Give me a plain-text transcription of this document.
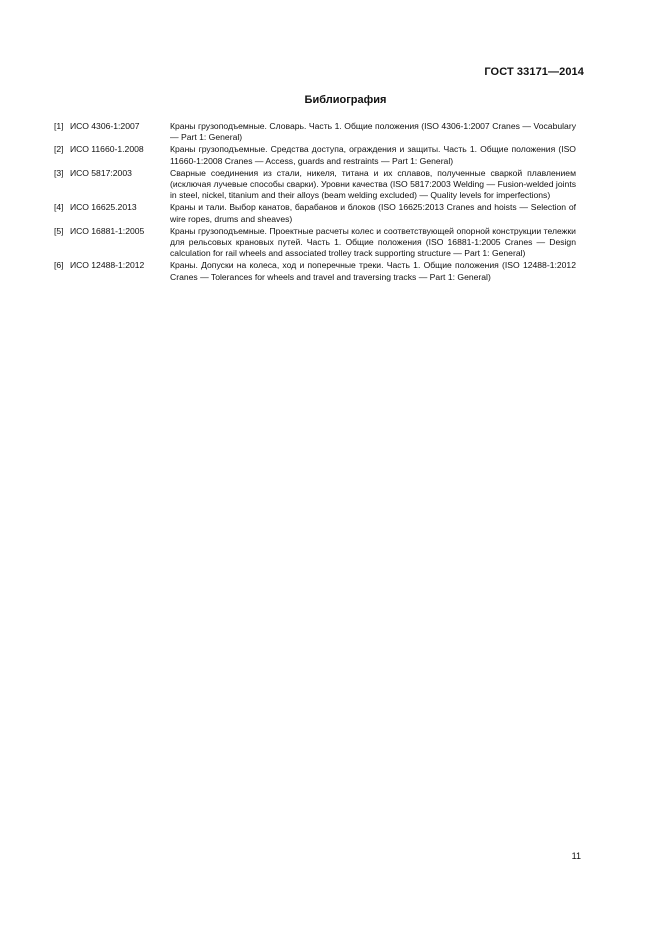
ГОСТ 33171—2014
Библиография
[1] ИСО 4306-1:2007	Краны грузоподъемные. Словарь. Часть 1. Общие положения (ISO 4306-1:2007 Cranes — Vocabulary — Part 1: General)
[2] ИСО 11660-1.2008	Краны грузоподъемные. Средства доступа, ограждения и защиты. Часть 1. Общие положения (ISO 11660-1:2008 Cranes — Access, guards and restraints — Part 1: General)
[3] ИСО 5817:2003	Сварные соединения из стали, никеля, титана и их сплавов, полученные сваркой плавлением (исключая лучевые способы сварки). Уровни качества (ISO 5817:2003 Welding — Fusion-welded joints in steel, nickel, titanium and their alloys (beam welding excluded) — Quality levels for imperfections)
[4] ИСО 16625.2013	Краны и тали. Выбор канатов, барабанов и блоков (ISO 16625:2013 Cranes and hoists — Selection of wire ropes, drums and sheaves)
[5] ИСО 16881-1:2005	Краны грузоподъемные. Проектные расчеты колес и соответствующей опорной конструкции тележки для рельсовых крановых путей. Часть 1. Общие положения (ISO 16881-1:2005 Cranes — Design calculation for rail wheels and associated trolley track supporting structure — Part 1: General)
[6] ИСО 12488-1:2012	Краны. Допуски на колеса, ход и поперечные треки. Часть 1. Общие положения (ISO 12488-1:2012 Cranes — Tolerances for wheels and travel and traversing tracks — Part 1: General)
11
